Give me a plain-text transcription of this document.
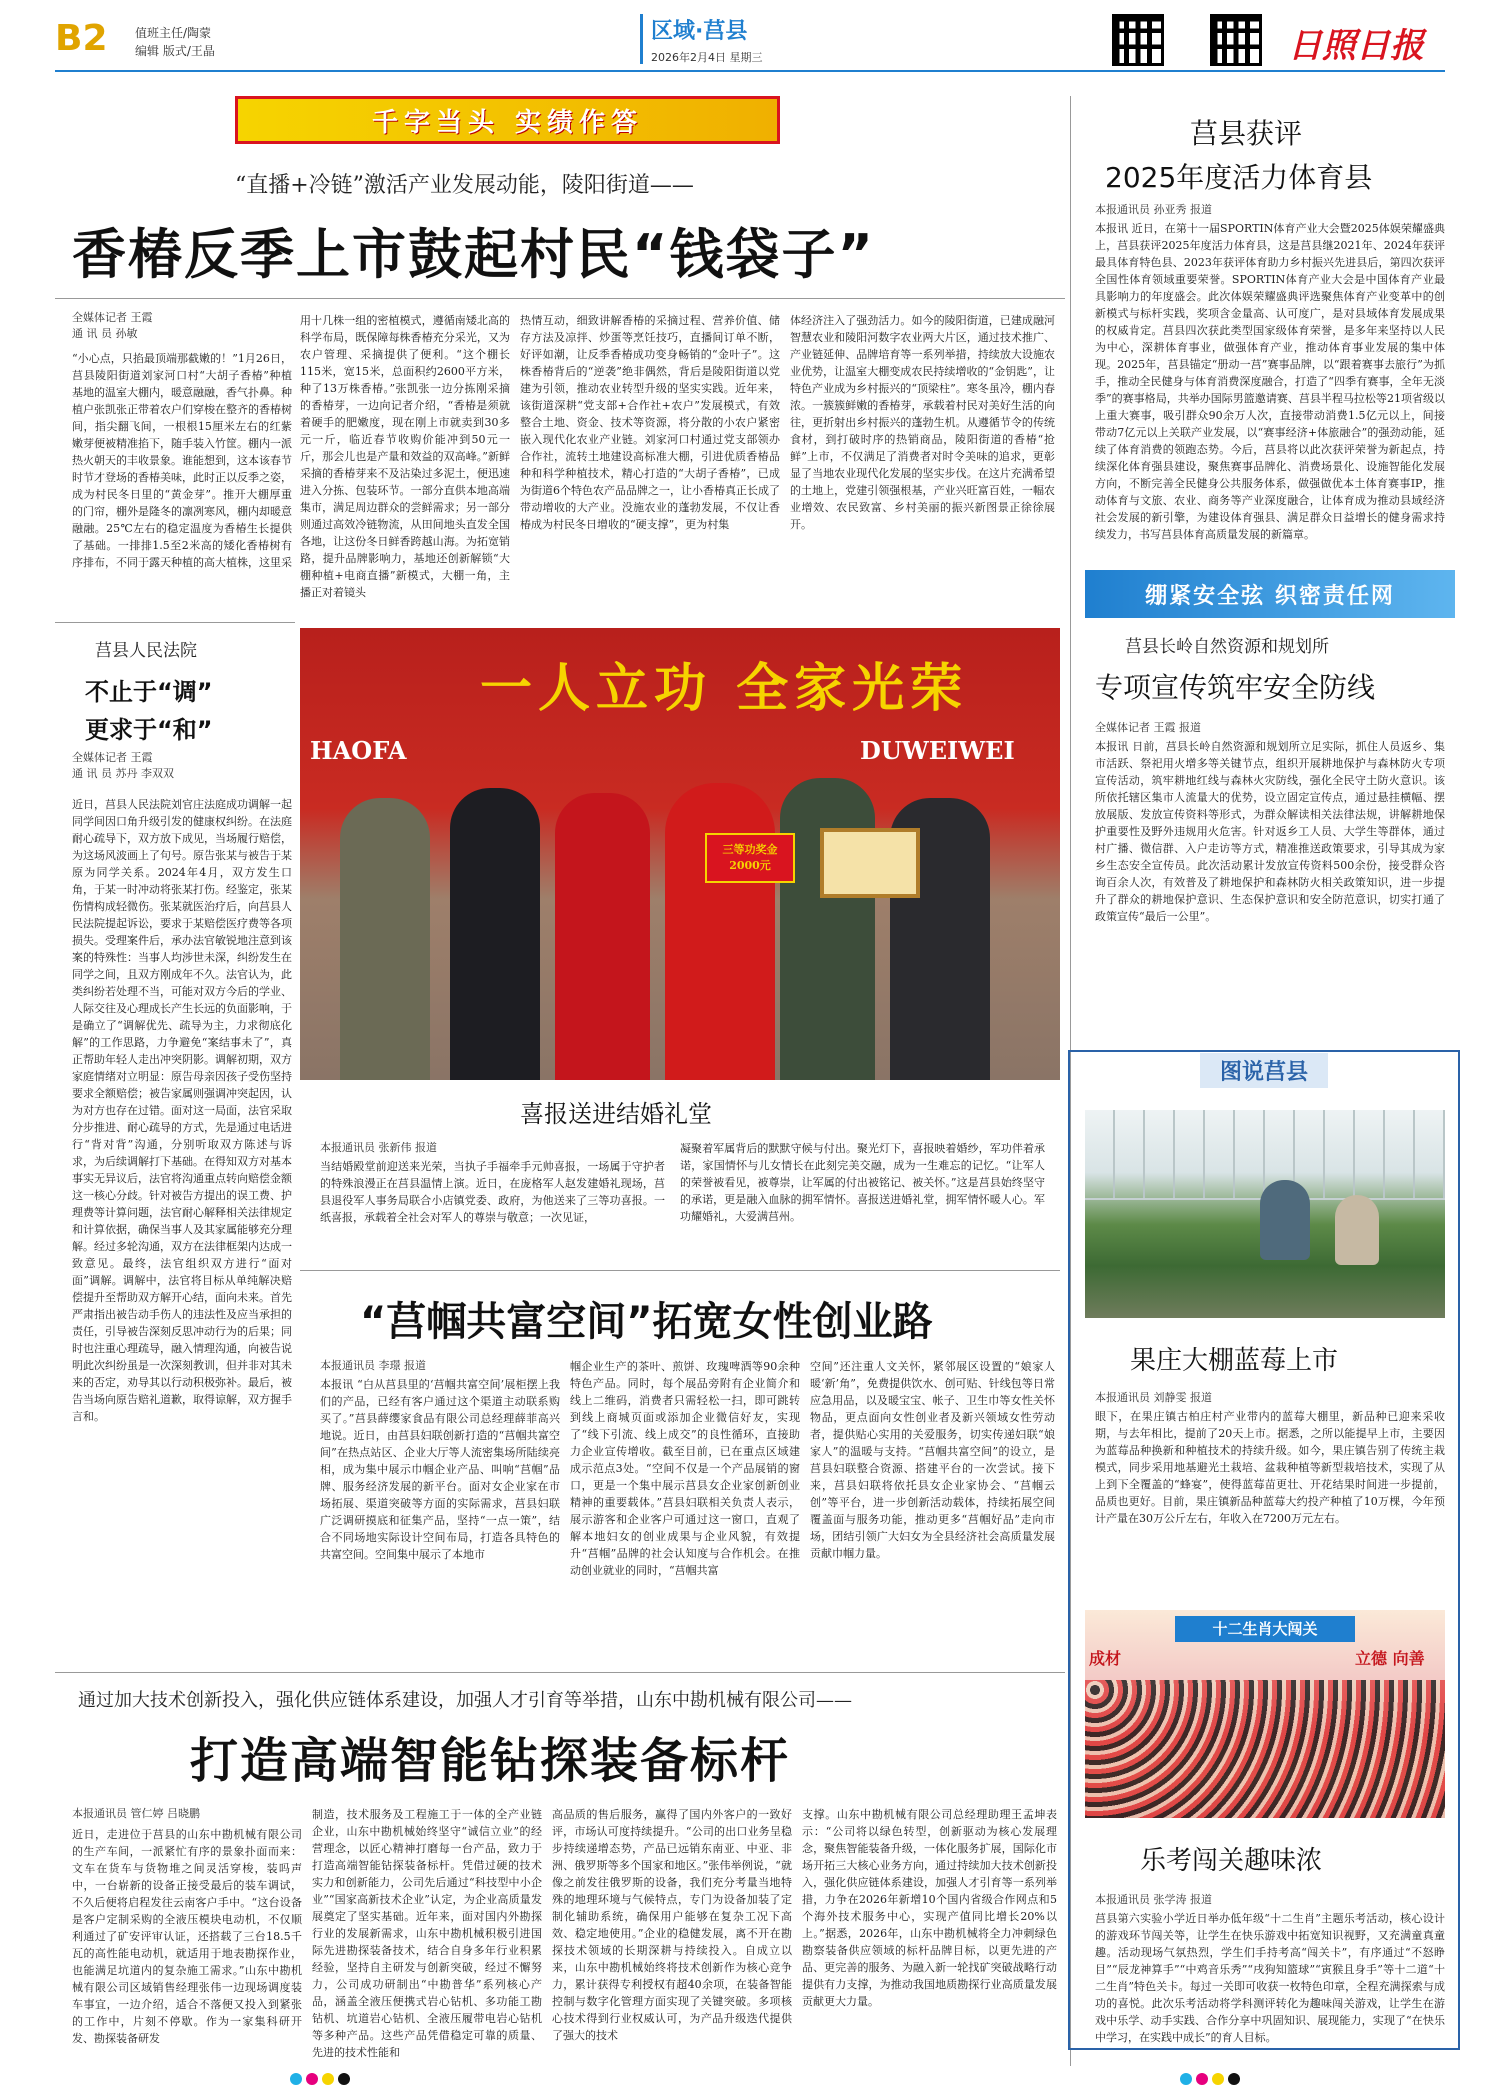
B2 值班主任/陶蒙
编辑 版式/王晶
区域·莒县
2026年2月4日 星期三	日照日报
千字当头 实绩作答
“直播+冷链”激活产业发展动能，陵阳街道——
香椿反季上市鼓起村民“钱袋子”
全媒体记者 王霞
通 讯 员 孙敏
“小心点，只掐最顶端那截嫩的！”1月26日，莒县陵阳街道刘家河口村“大胡子香椿”种植基地的温室大棚内，暖意融融，香气扑鼻。种植户张凯张正带着农户们穿梭在整齐的香椿树间，指尖翻飞间，一根根15厘米左右的红紫嫩芽便被精准掐下，随手装入竹筐。棚内一派热火朝天的丰收景象。谁能想到，这本该春节时节才登场的香椿美味，此时正以反季之姿，成为村民冬日里的“黄金芽”。推开大棚厚重的门帘，棚外是隆冬的凛冽寒风，棚内却暖意融融。25℃左右的稳定温度为香椿生长提供了基础。一排排1.5至2米高的矮化香椿树有序排布，不同于露天种植的高大植株，这里采
用十几株一组的密植模式，遵循南矮北高的科学布局，既保障每株香椿充分采光，又为农户管理、采摘提供了便利。“这个棚长115米，宽15米，总面积约2600平方米，种了13万株香椿。”张凯张一边分拣刚采摘的香椿芽，一边向记者介绍，“香椿是须就着硬手的肥嫩度，现在刚上市就卖到30多元一斤，临近春节收购价能冲到50元一斤，那会儿也是产量和效益的双高峰。”新鲜采摘的香椿芽来不及沾染过多泥土，便迅速进入分拣、包装环节。一部分直供本地高端集市，满足周边群众的尝鲜需求；另一部分则通过高效冷链物流，从田间地头直发全国各地，让这份冬日鲜香跨越山海。为拓宽销路，提升品牌影响力，基地还创新解锁“大棚种植+电商直播”新模式，大棚一角，主播正对着镜头
热情互动，细致讲解香椿的采摘过程、营养价值、储存方法及凉拌、炒蛋等烹饪技巧，直播间订单不断，好评如潮，让反季香椿成功变身畅销的“金叶子”。这株香椿背后的“逆袭”绝非偶然，背后是陵阳街道以党建为引领，推动农业转型升级的坚实实践。近年来，该街道深耕“党支部+合作社+农户”发展模式，有效整合土地、资金、技术等资源，将分散的小农户紧密嵌入现代化农业产业链。刘家河口村通过党支部领办合作社，流转土地建设高标准大棚，引进优质香椿品种和科学种植技术，精心打造的“大胡子香椿”，已成为街道6个特色农产品品牌之一，让小香椿真正长成了带动增收的大产业。没施农业的蓬勃发展，不仅让香椿成为村民冬日增收的“硬支撑”，更为村集
体经济注入了强劲活力。如今的陵阳街道，已建成融河智慧农业和陵阳河数字农业两大片区，通过技术推广、产业链延伸、品牌培育等一系列举措，持续放大设施农业优势，让温室大棚变成农民持续增收的“金钥匙”，让特色产业成为乡村振兴的“顶梁柱”。寒冬虽冷，棚内春浓。一簇簇鲜嫩的香椿芽，承载着村民对美好生活的向往，更折射出乡村振兴的蓬勃生机。从遵循节令的传统食材，到打破时序的热销商品，陵阳街道的香椿“抢鲜”上市，不仅满足了消费者对时令美味的追求，更彰显了当地农业现代化发展的坚实步伐。在这片充满希望的土地上，党建引领强根基，产业兴旺富百姓，一幅农业增效、农民致富、乡村美丽的振兴新图景正徐徐展开。
莒县人民法院
不止于“调”
更求于“和”
全媒体记者 王霞
通 讯 员 苏丹 李双双
近日，莒县人民法院刘官庄法庭成功调解一起同学间因口角升级引发的健康权纠纷。在法庭耐心疏导下，双方放下成见，当场履行赔偿，为这场风波画上了句号。原告张某与被告于某原为同学关系。2024年4月，双方发生口角，于某一时冲动将张某打伤。经鉴定，张某伤情构成轻微伤。张某就医治疗后，向莒县人民法院提起诉讼，要求于某赔偿医疗费等各项损失。受理案件后，承办法官敏锐地注意到该案的特殊性：当事人均涉世未深，纠纷发生在同学之间，且双方刚成年不久。法官认为，此类纠纷若处理不当，可能对双方今后的学业、人际交往及心理成长产生长远的负面影响，于是确立了“调解优先、疏导为主，力求彻底化解”的工作思路，力争避免“案结事未了”，真正帮助年轻人走出冲突阴影。调解初期，双方家庭情绪对立明显：原告母亲因孩子受伤坚持要求全额赔偿；被告家属则强调冲突起因，认为对方也存在过错。面对这一局面，法官采取分步推进、耐心疏导的方式，先是通过电话进行“背对背”沟通，分别听取双方陈述与诉求，为后续调解打下基础。在得知双方对基本事实无异议后，法官将沟通重点转向赔偿金额这一核心分歧。针对被告方提出的误工费、护理费等计算问题，法官耐心解释相关法律规定和计算依据，确保当事人及其家属能够充分理解。经过多轮沟通，双方在法律框架内达成一致意见。最终，法官组织双方进行“面对面”调解。调解中，法官将目标从单纯解决赔偿提升至帮助双方解开心结，面向未来。首先严肃指出被告动手伤人的违法性及应当承担的责任，引导被告深刻反思冲动行为的后果；同时也注重心理疏导，融入情理沟通，向被告说明此次纠纷虽是一次深刻教训，但并非对其未来的否定，劝导其以行动积极弥补。最后，被告当场向原告赔礼道歉，取得谅解，双方握手言和。
一人立功 全家光荣
HAOFA	DUWEIWEI
三等功奖金 2000元
喜报送进结婚礼堂
本报通讯员 张新伟 报道
当结婚殿堂前迎送来光荣，当执子手福牵手元帅喜报，一场属于守护者的特殊浪漫正在莒县温情上演。近日，在庞格军人赵发建婚礼现场，莒县退役军人事务局联合小店镇党委、政府，为他送来了三等功喜报。一纸喜报，承载着全社会对军人的尊崇与敬意；一次见证，
凝聚着军属背后的默默守候与付出。聚光灯下，喜报映着婚纱，军功伴着承诺，家国情怀与儿女情长在此刻完美交融，成为一生难忘的记忆。“让军人的荣誉被看见，被尊崇，让军属的付出被铭记、被关怀。”这是莒县始终坚守的承诺，更是融入血脉的拥军情怀。喜报送进婚礼堂，拥军情怀暖人心。军功耀婚礼，大爱满莒州。
“莒帼共富空间”拓宽女性创业路
本报通讯员 李璟 报道
本报讯 “白从莒县里的‘莒帼共富空间’展柜摆上我们的产品，已经有客户通过这个渠道主动联系购买了。”莒县薛缨家食品有限公司总经理薛菲高兴地说。近日，由莒县妇联创新打造的“莒帼共富空间”在热点站区、企业大厅等人流密集场所陆续亮相，成为集中展示巾帼企业产品、叫响“莒帼”品牌、服务经济发展的新平台。面对女企业家在市场拓展、渠道突破等方面的实际需求，莒县妇联广泛调研摸底和征集产品，坚持“一点一策”，结合不同场地实际设计空间布局，打造各具特色的共富空间。空间集中展示了本地市
帼企业生产的茶叶、煎饼、玫瑰啤酒等90余种特色产品。同时，每个展品旁附有企业简介和线上二维码，消费者只需轻松一扫，即可跳转到线上商城页面或添加企业微信好友，实现了“线下引流、线上成交”的良性循环，直接助力企业宣传增收。截至目前，已在重点区域建成示范点3处。“空间不仅是一个产品展销的窗口，更是一个集中展示莒县女企业家创新创业精神的重要载体。”莒县妇联相关负责人表示，展示游客和企业客户可通过这一窗口，直观了解本地妇女的创业成果与企业风貌，有效提升“莒帼”品牌的社会认知度与合作机会。在推动创业就业的同时，“莒帼共富
空间”还注重人文关怀，紧邻展区设置的“娘家人暖‘新’角”，免费提供饮水、创可贴、针线包等日常应急用品，以及暖宝宝、帐子、卫生巾等女性关怀物品，更点面向女性创业者及新兴领域女性劳动者，提供贴心实用的关爱服务，切实传递妇联“娘家人”的温暖与支持。“莒帼共富空间”的设立，是莒县妇联整合资源、搭建平台的一次尝试。接下来，莒县妇联将依托县女企业家协会、“莒帼云创”等平台，进一步创新活动载体，持续拓展空间覆盖面与服务功能，推动更多“莒帼好品”走向市场，团结引领广大妇女为全县经济社会高质量发展贡献巾帼力量。
通过加大技术创新投入，强化供应链体系建设，加强人才引育等举措，山东中勘机械有限公司——
打造高端智能钻探装备标杆
本报通讯员 管仁婷 吕晓鹏
近日，走进位于莒县的山东中勘机械有限公司的生产车间，一派紧忙有序的景象扑面而来：文车在货车与货物堆之间灵活穿梭，装吗声中，一台崭新的设备正接受最后的装车调试，不久后便将启程发往云南客户手中。“这台设备是客户定制采购的全液压模块电动机，不仅顺利通过了矿安评审认证，还搭载了三台18.5千瓦的高性能电动机，就适用于地表勘探作业，也能满足坑道内的复杂施工需求。”山东中勘机械有限公司区域销售经理张伟一边现场调度装车事宜，一边介绍，适合不落便又投入到紧张的工作中，片刻不停歇。作为一家集科研开发、勘探装备研发
制造，技术服务及工程施工于一体的全产业链企业，山东中勘机械始终坚守“诚信立业”的经营理念，以匠心精神打磨每一台产品，致力于打造高端智能钻探装备标杆。凭借过硬的技术实力和创新能力，公司先后通过“科技型中小企业”“国家高新技术企业”认定，为企业高质量发展奠定了坚实基础。近年来，面对国内外勘探行业的发展新需求，山东中勘机械积极引进国际先进勘探装备技术，结合自身多年行业积累经验，坚持自主研发与创新突破，经过不懈努力，公司成功研制出“中勘普华”系列核心产品，涵盖全液压便携式岩心钻机、多功能工勘钻机、坑道岩心钻机、全液压履带电岩心钻机等多种产品。这些产品凭借稳定可靠的质量、先进的技术性能和
高品质的售后服务，赢得了国内外客户的一致好评，市场认可度持续提升。“公司的出口业务呈稳步持续递增态势，产品已远销东南亚、中亚、非洲、俄罗斯等多个国家和地区。”张伟举例说，“就像之前发往俄罗斯的设备，我们充分考量当地特殊的地理环境与气候特点，专门为设备加装了定制化辅助系统，确保用户能够在复杂工况下高效、稳定地使用。”企业的稳健发展，离不开在勘探技术领域的长期深耕与持续投入。自成立以来，山东中勘机械始终将技术创新作为核心竞争力，累计获得专利授权有超40余项，在装备智能控制与数字化管理方面实现了关键突破。多项核心技术得到行业权威认可，为产品升级迭代提供了强大的技术
支撑。山东中勘机械有限公司总经理助理王孟坤表示：“公司将以绿色转型，创新驱动为核心发展理念，聚焦智能装备升级，一体化服务扩展，国际化市场开拓三大核心业务方向，通过持续加大技术创新投入，强化供应链体系建设，加强人才引育等一系列举措，力争在2026年新增10个国内省级合作网点和5个海外技术服务中心，实现产值同比增长20%以上。”据悉，2026年，山东中勘机械将全力冲刺绿色勘察装备供应领域的标杆品牌目标，以更先进的产品、更完善的服务、为融入新一轮找矿突破战略行动提供有力支撑，为推动我国地质勘探行业高质量发展贡献更大力量。
莒县获评
2025年度活力体育县
本报通讯员 孙亚秀 报道
本报讯 近日，在第十一届SPORTIN体育产业大会暨2025体娱荣耀盛典上，莒县获评2025年度活力体育县，这是莒县继2021年、2024年获评最具体育特色县、2023年获评体育助力乡村振兴先进县后，第四次获评全国性体育领域重要荣誉。SPORTIN体育产业大会是中国体育产业最具影响力的年度盛会。此次体娱荣耀盛典评选聚焦体育产业变革中的创新模式与标杆实践，奖项含金量高、认可度广，是对县域体育发展成果的权威肯定。莒县四次获此类型国家级体育荣誉，是多年来坚持以人民为中心，深耕体育事业，做强体育产业，推动体育事业发展的集中体现。2025年，莒县锚定“册动一莒”赛事品牌，以“跟着赛事去旅行”为抓手，推动全民健身与体育消费深度融合，打造了“四季有赛事，全年无淡季”的赛事格局，共举办国际男篮邀请赛、莒县半程马拉松等21项省级以上重大赛事，吸引群众90余万人次，直接带动消费1.5亿元以上，间接带动7亿元以上关联产业发展，以“赛事经济+体旅融合”的强劲动能，延续了体育消费的领跑态势。今后，莒县将以此次获评荣誉为新起点，持续深化体育强县建设，聚焦赛事品牌化、消费场景化、设施智能化发展方向，不断完善全民健身公共服务体系，做强做优本土体育赛事IP，推动体育与文旅、农业、商务等产业深度融合，让体育成为推动县域经济社会发展的新引擎，为建设体育强县、满足群众日益增长的健身需求持续发力，书写莒县体育高质量发展的新篇章。
绷紧安全弦 织密责任网
莒县长岭自然资源和规划所
专项宣传筑牢安全防线
全媒体记者 王霞 报道
本报讯 日前，莒县长岭自然资源和规划所立足实际，抓住人员返乡、集市活跃、祭祀用火增多等关键节点，组织开展耕地保护与森林防火专项宣传活动，筑牢耕地红线与森林火灾防线，强化全民守土防火意识。该所依托辖区集市人流量大的优势，设立固定宣传点，通过悬挂横幅、摆放展版、发放宣传资料等形式，为群众解读相关法律法规，讲解耕地保护重要性及野外违规用火危害。针对返乡工人员、大学生等群体，通过村广播、微信群、入户走访等方式，精准推送政策要求，引导其成为家乡生态安全宣传员。此次活动累计发放宣传资料500余份，接受群众咨询百余人次，有效普及了耕地保护和森林防火相关政策知识，进一步提升了群众的耕地保护意识、生态保护意识和安全防范意识，切实打通了政策宣传“最后一公里”。
图说莒县
果庄大棚蓝莓上市
本报通讯员 刘静雯 报道
眼下，在果庄镇古柏庄村产业带内的蓝莓大棚里，新品种已迎来采收期，与去年相比，提前了20天上市。据悉，之所以能提早上市，主要因为蓝莓品种换新和种植技术的持续升级。如今，果庄镇告别了传统主栽模式，同步采用地基避光土栽培、盆栽种植等新型栽培技术，实现了从上到下全覆盖的“蜂宴”，使得蓝莓苗更壮、开花结果时间进一步提前，品质也更好。目前，果庄镇新品种蓝莓大约投产种植了10万棵，今年预计产量在30万公斤左右，年收入在7200万元左右。
十二生肖大闯关
成材	立德 向善
乐考闯关趣味浓
本报通讯员 张学涛 报道
莒县第六实验小学近日举办低年级“十二生肖”主题乐考活动，核心设计的游戏环节闯关等，让学生在快乐游戏中拓宽知识视野，又充满童真童趣。活动现场气氛热烈，学生们手持考高“闯关卡”，有序通过“不怒睁目”“辰龙神算手”“中鸡音乐秀”“戌狗知篮球”“寅猴且身手”等十二道“十二生肖”特色关卡。每过一关即可收获一枚特色印章，全程充满探索与成功的喜悦。此次乐考活动将学科测评转化为趣味闯关游戏，让学生在游戏中乐学、动手实践、合作分享中巩固知识、展现能力，实现了“在快乐中学习，在实践中成长”的育人目标。
